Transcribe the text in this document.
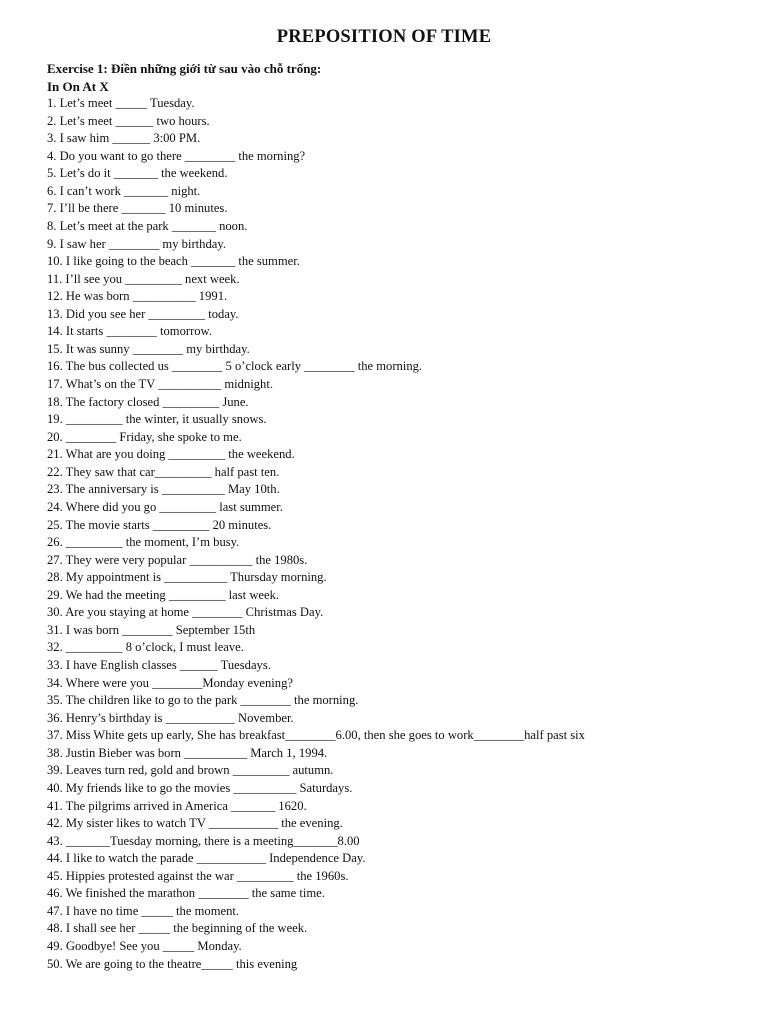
PREPOSITION OF TIME

Exercise 1: Điền những giới từ sau vào chỗ trống:

In On At X

1. Let’s meet _____ Tuesday.
2. Let’s meet ______ two hours.
3. I saw him ______ 3:00 PM.
4. Do you want to go there ________ the morning?
5. Let’s do it _______ the weekend.
6. I can’t work _______ night.
7. I’ll be there _______ 10 minutes.
8. Let’s meet at the park _______ noon.
9. I saw her ________ my birthday.
10. I like going to the beach _______ the summer.
11. I’ll see you _________ next week.
12. He was born __________ 1991.
13. Did you see her _________ today.
14. It starts ________ tomorrow.
15. It was sunny ________ my birthday.
16. The bus collected us ________ 5 o’clock early ________ the morning.
17. What’s on the TV __________ midnight.
18. The factory closed _________ June.
19. _________ the winter, it usually snows.
20. ________ Friday, she spoke to me.
21. What are you doing _________ the weekend.
22. They saw that car_________ half past ten.
23. The anniversary is __________ May 10th.
24. Where did you go _________ last summer.
25. The movie starts _________ 20 minutes.
26. _________ the moment, I’m busy.
27. They were very popular __________ the 1980s.
28. My appointment is __________ Thursday morning.
29. We had the meeting _________ last week.
30. Are you staying at home ________ Christmas Day.
31. I was born ________ September 15th
32. _________ 8 o’clock, I must leave.
33. I have English classes ______ Tuesdays.
34. Where were you ________Monday evening?
35. The children like to go to the park ________ the morning.
36. Henry’s birthday is ___________ November.
37. Miss White gets up early, She has breakfast________6.00, then she goes to work________half past six
38. Justin Bieber was born __________ March 1, 1994.
39. Leaves turn red, gold and brown _________ autumn.
40. My friends like to go the movies __________ Saturdays.
41. The pilgrims arrived in America _______ 1620.
42. My sister likes to watch TV ___________ the evening.
43. _______Tuesday morning, there is a meeting_______8.00
44. I like to watch the parade ___________ Independence Day.
45. Hippies protested against the war _________ the 1960s.
46. We finished the marathon ________ the same time.
47. I have no time _____ the moment.
48. I shall see her _____ the beginning of the week.
49. Goodbye! See you _____ Monday.
50. We are going to the theatre_____ this evening
